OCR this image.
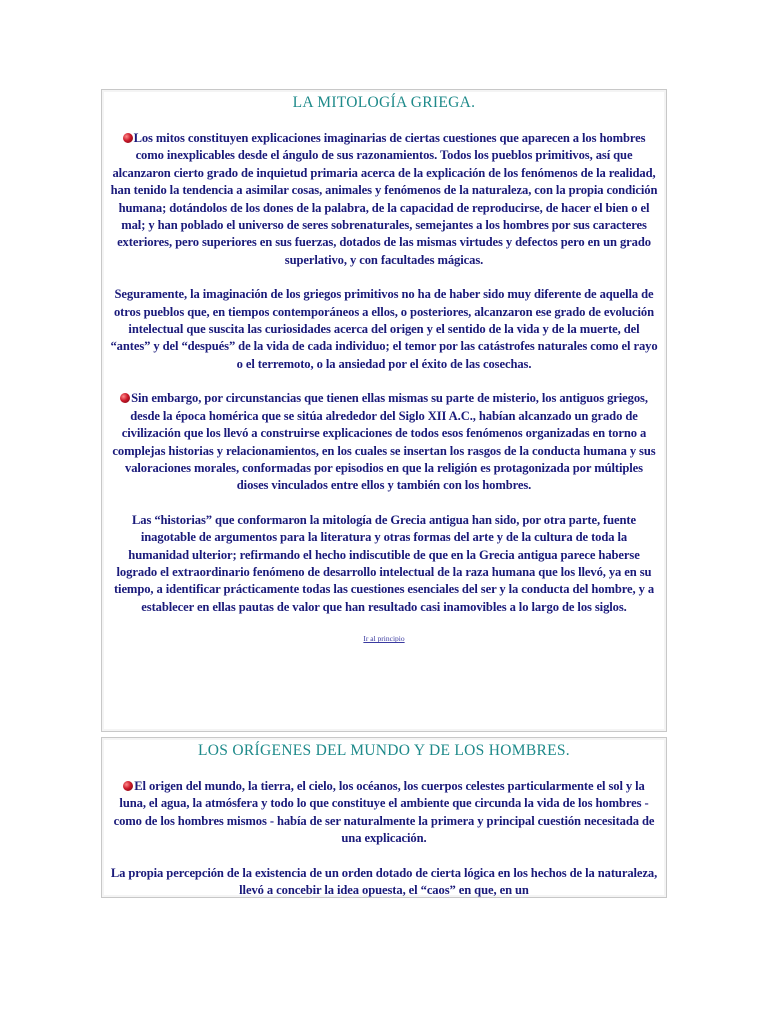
LA MITOLOGÍA GRIEGA.

Los mitos constituyen explicaciones imaginarias de ciertas cuestiones que aparecen a los hombres como inexplicables desde el ángulo de sus razonamientos. Todos los pueblos primitivos, así que alcanzaron cierto grado de inquietud primaria acerca de la explicación de los fenómenos de la realidad, han tenido la tendencia a asimilar cosas, animales y fenómenos de la naturaleza, con la propia condición humana; dotándolos de los dones de la palabra, de la capacidad de reproducirse, de hacer el bien o el mal; y han poblado el universo de seres sobrenaturales, semejantes a los hombres por sus caracteres exteriores, pero superiores en sus fuerzas, dotados de las mismas virtudes y defectos pero en un grado superlativo, y con facultades mágicas.

Seguramente, la imaginación de los griegos primitivos no ha de haber sido muy diferente de aquella de otros pueblos que, en tiempos contemporáneos a ellos, o posteriores, alcanzaron ese grado de evolución intelectual que suscita las curiosidades acerca del origen y el sentido de la vida y de la muerte, del “antes” y del “después” de la vida de cada individuo; el temor por las catástrofes naturales como el rayo o el terremoto, o la ansiedad por el éxito de las cosechas.

Sin embargo, por circunstancias que tienen ellas mismas su parte de misterio, los antiguos griegos, desde la época homérica que se sitúa alrededor del Siglo XII A.C., habían alcanzado un grado de civilización que los llevó a construirse explicaciones de todos esos fenómenos organizadas en torno a complejas historias y relacionamientos, en los cuales se insertan los rasgos de la conducta humana y sus valoraciones morales, conformadas por episodios en que la religión es protagonizada por múltiples dioses vinculados entre ellos y también con los hombres.

Las “historias” que conformaron la mitología de Grecia antigua han sido, por otra parte, fuente inagotable de argumentos para la literatura y otras formas del arte y de la cultura de toda la humanidad ulterior; refirmando el hecho indiscutible de que en la Grecia antigua parece haberse logrado el extraordinario fenómeno de desarrollo intelectual de la raza humana que los llevó, ya en su tiempo, a identificar prácticamente todas las cuestiones esenciales del ser y la conducta del hombre, y a establecer en ellas pautas de valor que han resultado casi inamovibles a lo largo de los siglos.

Ir al principio
LOS ORÍGENES DEL MUNDO Y DE LOS HOMBRES.

El origen del mundo, la tierra, el cielo, los océanos, los cuerpos celestes particularmente el sol y la luna, el agua, la atmósfera y todo lo que constituye el ambiente que circunda la vida de los hombres - como de los hombres mismos - había de ser naturalmente la primera y principal cuestión necesitada de una explicación.

La propia percepción de la existencia de un orden dotado de cierta lógica en los hechos de la naturaleza, llevó a concebir la idea opuesta, el “caos” en que, en un
